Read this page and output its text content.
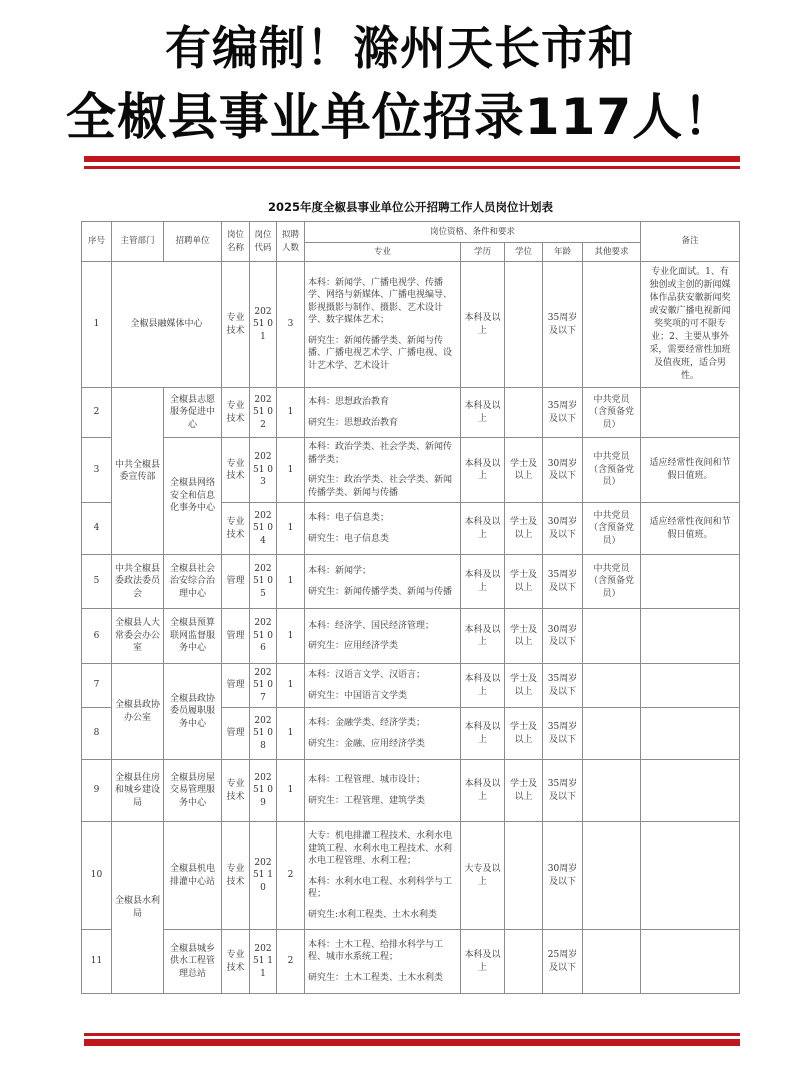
有编制！滁州天长市和
全椒县事业单位招录117人！
2025年度全椒县事业单位公开招聘工作人员岗位计划表											
序号	主管部门	招聘单位	岗位名称	岗位代码	拟聘人数	岗位资格、条件和要求					备注
						专业	学历	学位	年龄	其他要求	
1	全椒县融媒体中心		专业技术	20251 01	3	本科：新闻学、广播电视学、传播学、网络与新媒体、广播电视编导、影视摄影与制作、摄影、艺术设计学、数字媒体艺术；

研究生：新闻传播学类、新闻与传播、广播电视艺术学、广播电视、设计艺术学、艺术设计	本科及以上		35周岁及以下		专业化面试。1、有独创或主创的新闻媒体作品获安徽新闻奖或安徽广播电视新闻奖奖项的可不限专业；2、主要从事外采，需要经常性加班及值夜班，适合男性。
2	中共全椒县委宣传部	全椒县志愿服务促进中心	专业技术	20251 02	1	本科：思想政治教育

研究生：思想政治教育	本科及以上		35周岁及以下	中共党员（含预备党员）	
3		全椒县网络安全和信息化事务中心	专业技术	20251 03	1	本科：政治学类、社会学类、新闻传播学类；

研究生：政治学类、社会学类、新闻传播学类、新闻与传播	本科及以上	学士及以上	30周岁及以下	中共党员（含预备党员）	适应经常性夜间和节假日值班。
4			专业技术	20251 04	1	本科：电子信息类；

研究生：电子信息类	本科及以上	学士及以上	30周岁及以下	中共党员（含预备党员）	适应经常性夜间和节假日值班。
5	中共全椒县委政法委员会	全椒县社会治安综合治理中心	管理	20251 05	1	本科：新闻学；

研究生：新闻传播学类、新闻与传播	本科及以上	学士及以上	35周岁及以下	中共党员（含预备党员）	
6	全椒县人大常委会办公室	全椒县预算联网监督服务中心	管理	20251 06	1	本科：经济学、国民经济管理；

研究生：应用经济学类	本科及以上	学士及以上	30周岁及以下		
7	全椒县政协办公室	全椒县政协委员履职服务中心	管理	20251 07	1	本科：汉语言文学、汉语言；

研究生：中国语言文学类	本科及以上	学士及以上	35周岁及以下		
8			管理	20251 08	1	本科：金融学类、经济学类；

研究生：金融、应用经济学类	本科及以上	学士及以上	35周岁及以下		
9	全椒县住房和城乡建设局	全椒县房屋交易管理服务中心	专业技术	20251 09	1	本科：工程管理、城市设计；

研究生：工程管理、建筑学类	本科及以上	学士及以上	35周岁及以下		
10	全椒县水利局	全椒县机电排灌中心站	专业技术	20251 10	2	大专：机电排灌工程技术、水利水电建筑工程、水利水电工程技术、水利水电工程管理、水利工程；

本科：水利水电工程、水利科学与工程；

研究生:水利工程类、土木水利类	大专及以上		30周岁及以下		
11		全椒县城乡供水工程管理总站	专业技术	20251 11	2	本科：土木工程、给排水科学与工程、城市水系统工程；

研究生：土木工程类、土木水利类	本科及以上		25周岁及以下		
